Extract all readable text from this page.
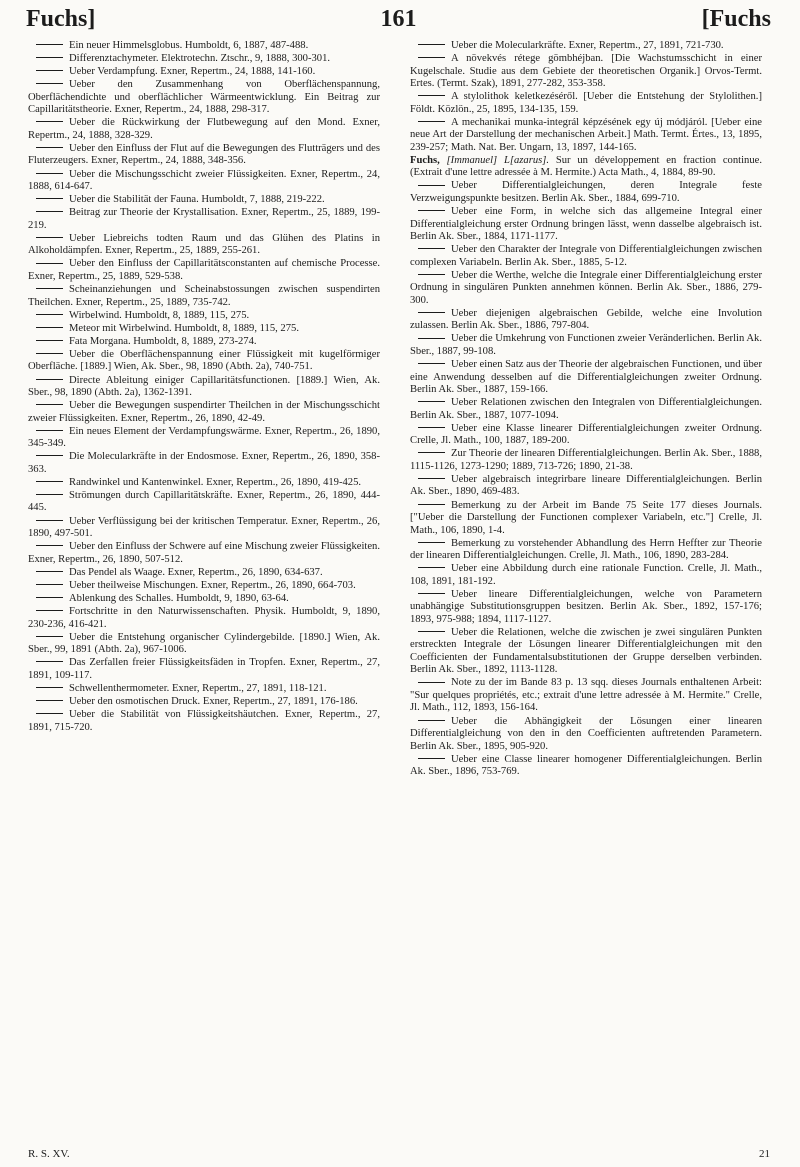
Fuchs]	161	[Fuchs
Ein neuer Himmelsglobus. Humboldt, 6, 1887, 487-488.
Differenztachymeter. Elektrotechn. Ztschr., 9, 1888, 300-301.
Ueber Verdampfung. Exner, Repertm., 24, 1888, 141-160.
Ueber den Zusammenhang von Oberflächenspannung, Oberflächendichte und oberflächlicher Wärmeentwicklung. Ein Beitrag zur Capillaritätstheorie. Exner, Repertm., 24, 1888, 298-317.
Ueber die Rückwirkung der Flutbewegung auf den Mond. Exner, Repertm., 24, 1888, 328-329.
Ueber den Einfluss der Flut auf die Bewegungen des Flutträgers und des Fluterzeugers. Exner, Repertm., 24, 1888, 348-356.
Ueber die Mischungsschicht zweier Flüssigkeiten. Exner, Repertm., 24, 1888, 614-647.
Ueber die Stabilität der Fauna. Humboldt, 7, 1888, 219-222.
Beitrag zur Theorie der Krystallisation. Exner, Repertm., 25, 1889, 199-219.
Ueber Liebreichs todten Raum und das Glühen des Platins in Alkoholdämpfen. Exner, Repertm., 25, 1889, 255-261.
Ueber den Einfluss der Capillaritätsconstanten auf chemische Processe. Exner, Repertm., 25, 1889, 529-538.
Scheinanziehungen und Scheinabstossungen zwischen suspendirten Theilchen. Exner, Repertm., 25, 1889, 735-742.
Wirbelwind. Humboldt, 8, 1889, 115, 275.
Meteor mit Wirbelwind. Humboldt, 8, 1889, 115, 275.
Fata Morgana. Humboldt, 8, 1889, 273-274.
Ueber die Oberflächenspannung einer Flüssigkeit mit kugelförmiger Oberfläche. [1889.] Wien, Ak. Sber., 98, 1890 (Abth. 2a), 740-751.
Directe Ableitung einiger Capillaritätsfunctionen. [1889.] Wien, Ak. Sber., 98, 1890 (Abth. 2a), 1362-1391.
Ueber die Bewegungen suspendirter Theilchen in der Mischungsschicht zweier Flüssigkeiten. Exner, Repertm., 26, 1890, 42-49.
Ein neues Element der Verdampfungswärme. Exner, Repertm., 26, 1890, 345-349.
Die Molecularkräfte in der Endosmose. Exner, Repertm., 26, 1890, 358-363.
Randwinkel und Kantenwinkel. Exner, Repertm., 26, 1890, 419-425.
Strömungen durch Capillaritätskräfte. Exner, Repertm., 26, 1890, 444-445.
Ueber Verflüssigung bei der kritischen Temperatur. Exner, Repertm., 26, 1890, 497-501.
Ueber den Einfluss der Schwere auf eine Mischung zweier Flüssigkeiten. Exner, Repertm., 26, 1890, 507-512.
Das Pendel als Waage. Exner, Repertm., 26, 1890, 634-637.
Ueber theilweise Mischungen. Exner, Repertm., 26, 1890, 664-703.
Ablenkung des Schalles. Humboldt, 9, 1890, 63-64.
Fortschritte in den Naturwissenschaften. Physik. Humboldt, 9, 1890, 230-236, 416-421.
Ueber die Entstehung organischer Cylindergebilde. [1890.] Wien, Ak. Sber., 99, 1891 (Abth. 2a), 967-1006.
Das Zerfallen freier Flüssigkeitsfäden in Tropfen. Exner, Repertm., 27, 1891, 109-117.
Schwellenthermometer. Exner, Repertm., 27, 1891, 118-121.
Ueber den osmotischen Druck. Exner, Repertm., 27, 1891, 176-186.
Ueber die Stabilität von Flüssigkeitshäutchen. Exner, Repertm., 27, 1891, 715-720.
Ueber die Molecularkräfte. Exner, Repertm., 27, 1891, 721-730.
A növekvés rétege gömbhéjban. [Die Wachstumsschicht in einer Kugelschale. Studie aus dem Gebiete der theoretischen Organik.] Orvos-Termt. Ertes. (Termt. Szak), 1891, 277-282, 353-358.
A stylolithok keletkezéséről. [Ueber die Entstehung der Stylolithen.] Földt. Közlön., 25, 1895, 134-135, 159.
A mechanikai munka-integrál képzésének egy új módjáról. [Ueber eine neue Art der Darstellung der mechanischen Arbeit.] Math. Termt. Értes., 13, 1895, 239-257; Math. Nat. Ber. Ungarn, 13, 1897, 144-165.
Fuchs, [Immanuel] L[azarus]. Sur un développement en fraction continue. (Extrait d'une lettre adressée à M. Hermite.) Acta Math., 4, 1884, 89-90.
Ueber Differentialgleichungen, deren Integrale feste Verzweigungspunkte besitzen. Berlin Ak. Sber., 1884, 699-710.
Ueber eine Form, in welche sich das allgemeine Integral einer Differentialgleichung erster Ordnung bringen lässt, wenn dasselbe algebraisch ist. Berlin Ak. Sber., 1884, 1171-1177.
Ueber den Charakter der Integrale von Differentialgleichungen zwischen complexen Variabeln. Berlin Ak. Sber., 1885, 5-12.
Ueber die Werthe, welche die Integrale einer Differentialgleichung erster Ordnung in singulären Punkten annehmen können. Berlin Ak. Sber., 1886, 279-300.
Ueber diejenigen algebraischen Gebilde, welche eine Involution zulassen. Berlin Ak. Sber., 1886, 797-804.
Ueber die Umkehrung von Functionen zweier Veränderlichen. Berlin Ak. Sber., 1887, 99-108.
Ueber einen Satz aus der Theorie der algebraischen Functionen, und über eine Anwendung desselben auf die Differentialgleichungen zweiter Ordnung. Berlin Ak. Sber., 1887, 159-166.
Ueber Relationen zwischen den Integralen von Differentialgleichungen. Berlin Ak. Sber., 1887, 1077-1094.
Ueber eine Klasse linearer Differentialgleichungen zweiter Ordnung. Crelle, Jl. Math., 100, 1887, 189-200.
Zur Theorie der linearen Differentialgleichungen. Berlin Ak. Sber., 1888, 1115-1126, 1273-1290; 1889, 713-726; 1890, 21-38.
Ueber algebraisch integrirbare lineare Differentialgleichungen. Berlin Ak. Sber., 1890, 469-483.
Bemerkung zu der Arbeit im Bande 75 Seite 177 dieses Journals. ["Ueber die Darstellung der Functionen complexer Variabeln, etc."] Crelle, Jl. Math., 106, 1890, 1-4.
Bemerkung zu vorstehender Abhandlung des Herrn Heffter zur Theorie der linearen Differentialgleichungen. Crelle, Jl. Math., 106, 1890, 283-284.
Ueber eine Abbildung durch eine rationale Function. Crelle, Jl. Math., 108, 1891, 181-192.
Ueber lineare Differentialgleichungen, welche von Parametern unabhängige Substitutionsgruppen besitzen. Berlin Ak. Sber., 1892, 157-176; 1893, 975-988; 1894, 1117-1127.
Ueber die Relationen, welche die zwischen je zwei singulären Punkten erstreckten Integrale der Lösungen linearer Differentialgleichungen mit den Coefficienten der Fundamentalsubstitutionen der Gruppe derselben verbinden. Berlin Ak. Sber., 1892, 1113-1128.
Note zu der im Bande 83 p. 13 sqq. dieses Journals enthaltenen Arbeit: "Sur quelques propriétés, etc.; extrait d'une lettre adressée à M. Hermite." Crelle, Jl. Math., 112, 1893, 156-164.
Ueber die Abhängigkeit der Lösungen einer linearen Differentialgleichung von den in den Coefficienten auftretenden Parametern. Berlin Ak. Sber., 1895, 905-920.
Ueber eine Classe linearer homogener Differentialgleichungen. Berlin Ak. Sber., 1896, 753-769.
R. S. XV.	21
